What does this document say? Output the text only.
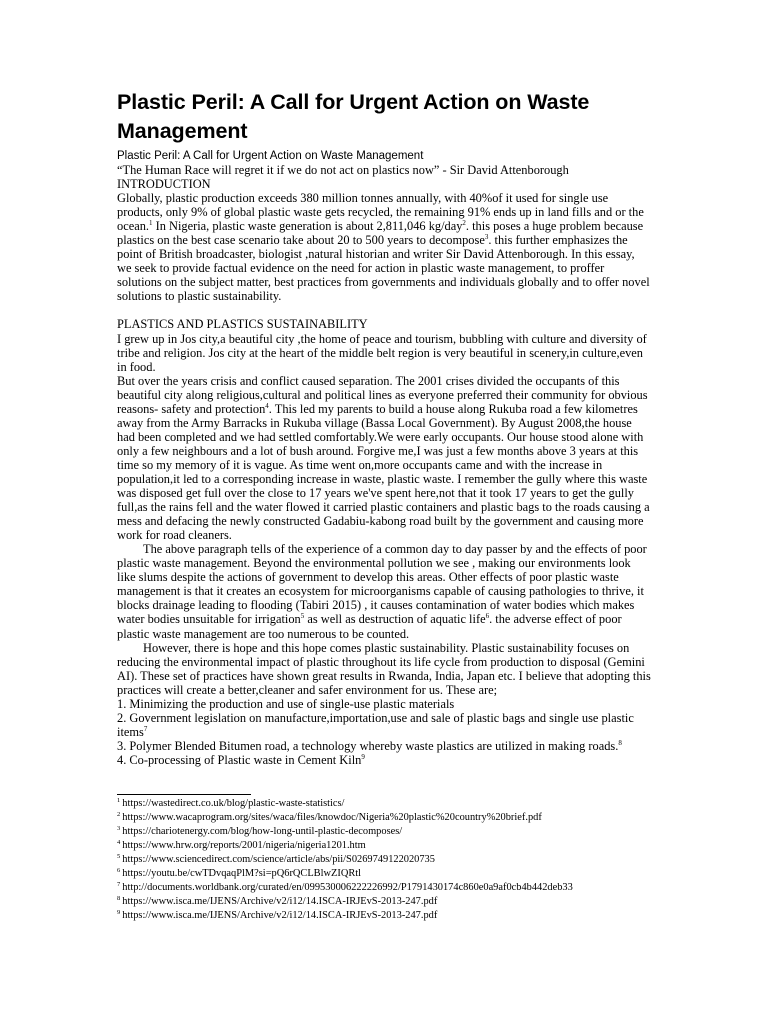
Plastic Peril: A Call for Urgent Action on Waste Management
Plastic Peril: A Call for Urgent Action on Waste Management

“The Human Race will regret it if we do not act on plastics now” - Sir David Attenborough

INTRODUCTION

Globally, plastic production exceeds 380 million tonnes annually, with 40%of it used for single use products, only 9% of global plastic waste gets recycled, the remaining 91% ends up in land fills and or the ocean.$^1$ In Nigeria, plastic waste generation is about 2,811,046 kg/day$^2$. this poses a huge problem because plastics on the best case scenario take about 20 to 500 years to decompose$^3$. this further emphasizes the point of British broadcaster, biologist ,natural historian and writer Sir David Attenborough. In this essay, we seek to provide factual evidence on the need for action in plastic waste management, to proffer solutions on the subject matter, best practices from governments and individuals globally and to offer novel solutions to plastic sustainability.

PLASTICS AND PLASTICS SUSTAINABILITY

I grew up in Jos city,a beautiful city ,the home of peace and tourism, bubbling with culture and diversity of tribe and religion. Jos city at the heart of the middle belt region is very beautiful in scenery,in culture,even in food.

But over the years crisis and conflict caused separation. The 2001 crises divided the occupants of this beautiful city along religious,cultural and political lines as everyone preferred their community for obvious reasons- safety and protection$^4$. This led my parents to build a house along Rukuba road a few kilometres away from the Army Barracks in Rukuba village (Bassa Local Government). By August 2008,the house had been completed and we had settled comfortably.We were early occupants. Our house stood alone with only a few neighbours and a lot of bush around. Forgive me,I was just a few months above 3 years at this time so my memory of it is vague. As time went on,more occupants came and with the increase in population,it led to a corresponding increase in waste, plastic waste. I remember the gully where this waste was disposed get full over the close to 17 years we've spent here,not that it took 17 years to get the gully full,as the rains fell and the water flowed it carried plastic containers and plastic bags to the roads causing a mess and defacing the newly constructed Gadabiu-kabong road built by the government and causing more work for road cleaners.

The above paragraph tells of the experience of a common day to day passer by and the effects of poor plastic waste management. Beyond the environmental pollution we see , making our environments look like slums despite the actions of government to develop this areas. Other effects of poor plastic waste management is that it creates an ecosystem for microorganisms capable of causing pathologies to thrive, it blocks drainage leading to flooding (Tabiri 2015) , it causes contamination of water bodies which makes water bodies unsuitable for irrigation$^5$ as well as destruction of aquatic life$^6$. the adverse effect of poor plastic waste management are too numerous to be counted.

However, there is hope and this hope comes plastic sustainability. Plastic sustainability focuses on reducing the environmental impact of plastic throughout its life cycle from production to disposal (Gemini AI). These set of practices have shown great results in Rwanda, India, Japan etc. I believe that adopting this practices will create a better,cleaner and safer environment for us. These are;

1. Minimizing the production and use of single-use plastic materials

2. Government legislation on manufacture,importation,use and sale of plastic bags and single use plastic items$^7$

3. Polymer Blended Bitumen road, a technology whereby waste plastics are utilized in making roads.$^8$

4. Co-processing of Plastic waste in Cement Kiln$^9$

$^1$ https://wastedirect.co.uk/blog/plastic-waste-statistics/
$^2$ https://www.wacaprogram.org/sites/waca/files/knowdoc/Nigeria%20plastic%20country%20brief.pdf
$^3$ https://chariotenergy.com/blog/how-long-until-plastic-decomposes/
$^4$ https://www.hrw.org/reports/2001/nigeria/nigeria1201.htm
$^5$ https://www.sciencedirect.com/science/article/abs/pii/S0269749122020735
$^6$ https://youtu.be/cwTDvqaqPlM?si=pQ6rQCLBlwZIQRtl
$^7$ http://documents.worldbank.org/curated/en/099530006222226992/P1791430174c860e0a9af0cb4b442deb33
$^8$ https://www.isca.me/IJENS/Archive/v2/i12/14.ISCA-IRJEvS-2013-247.pdf
$^9$ https://www.isca.me/IJENS/Archive/v2/i12/14.ISCA-IRJEvS-2013-247.pdf
